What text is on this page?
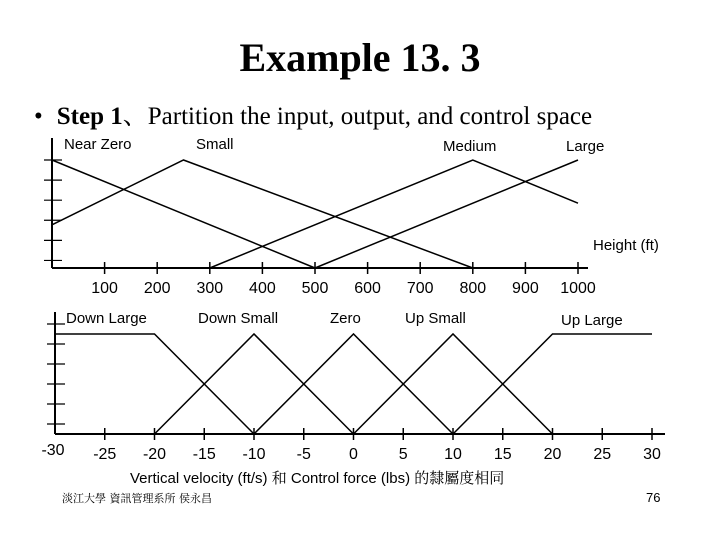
Example 13. 3
• Step 1、Partition the input, output, and control space
100 200 300 400 500 600 700 800 900 1000
Height (ft)
Near Zero	Small	Medium	Large
-30 -25 -20 -15 -10 -5 0	5 10 15 20 25 30
Vertical velocity (ft/s) 和 Control force (lbs) 的隸屬度相同
Down Large	Down Small	Zero	Up Small	Up Large
淡江大學 資訊管理系所 侯永昌	76
